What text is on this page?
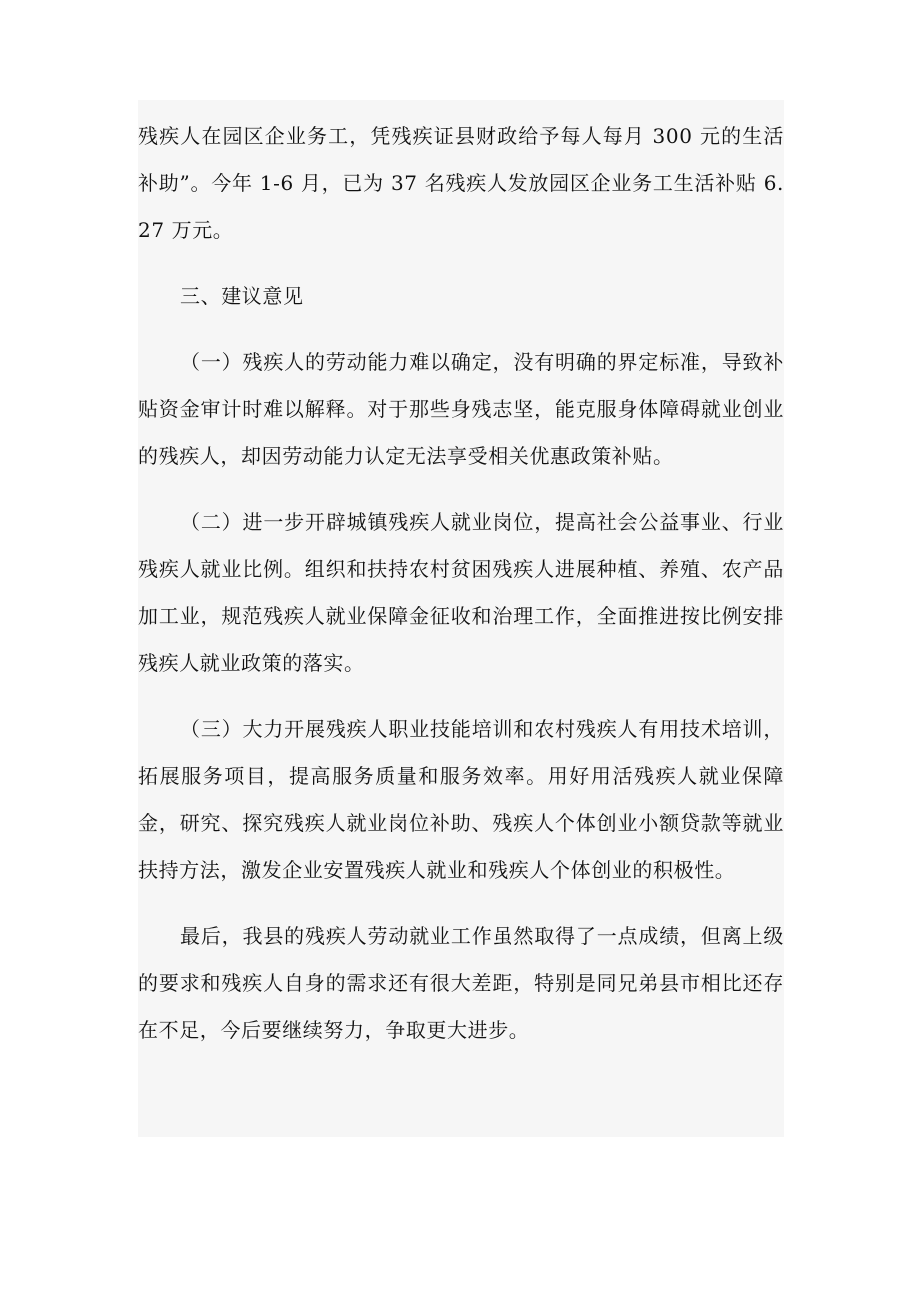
残疾人在园区企业务工，凭残疾证县财政给予每人每月 300 元的生活补助”。今年 1-6 月，已为 37 名残疾人发放园区企业务工生活补贴 6.27 万元。

三、建议意见

（一）残疾人的劳动能力难以确定，没有明确的界定标准，导致补贴资金审计时难以解释。对于那些身残志坚，能克服身体障碍就业创业的残疾人，却因劳动能力认定无法享受相关优惠政策补贴。

（二）进一步开辟城镇残疾人就业岗位，提高社会公益事业、行业残疾人就业比例。组织和扶持农村贫困残疾人进展种植、养殖、农产品加工业，规范残疾人就业保障金征收和治理工作，全面推进按比例安排残疾人就业政策的落实。

（三）大力开展残疾人职业技能培训和农村残疾人有用技术培训，拓展服务项目，提高服务质量和服务效率。用好用活残疾人就业保障金，研究、探究残疾人就业岗位补助、残疾人个体创业小额贷款等就业扶持方法，激发企业安置残疾人就业和残疾人个体创业的积极性。

最后，我县的残疾人劳动就业工作虽然取得了一点成绩，但离上级的要求和残疾人自身的需求还有很大差距，特别是同兄弟县市相比还存在不足，今后要继续努力，争取更大进步。
